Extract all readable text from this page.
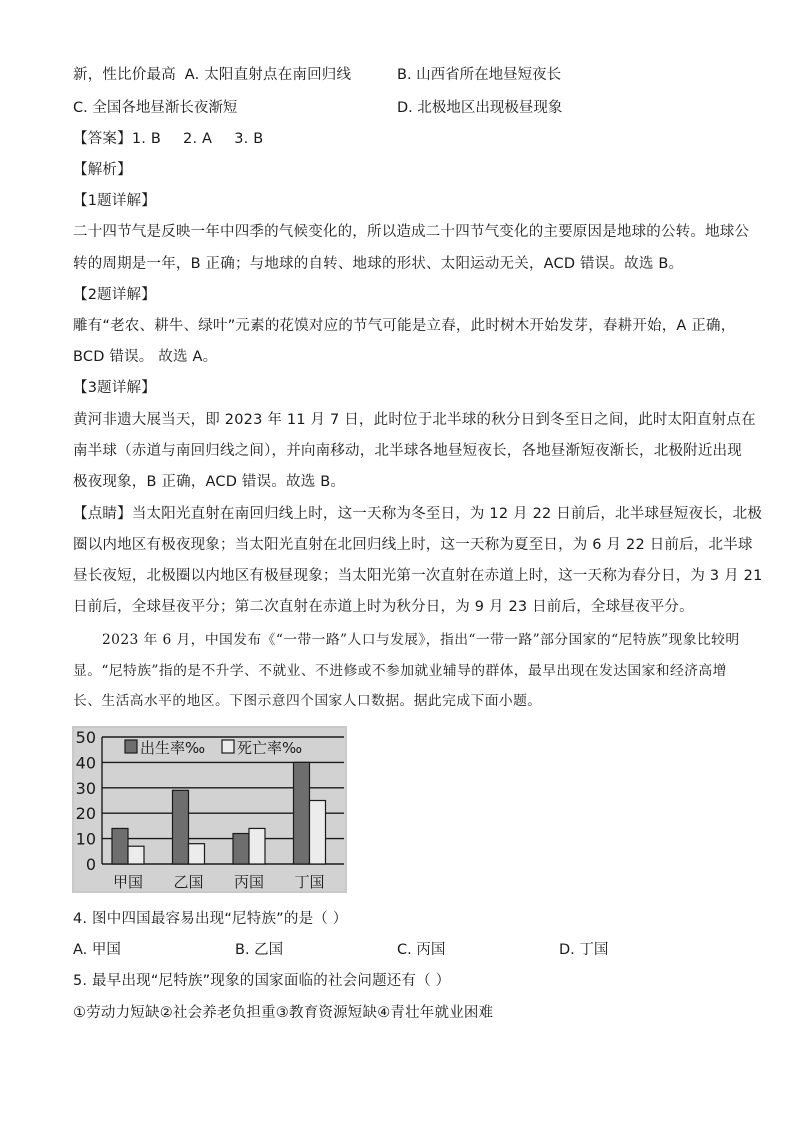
新，性比价最高 A. 太阳直射点在南回归线	B. 山西省所在地昼短夜长
C. 全国各地昼渐长夜渐短	D. 北极地区出现极昼现象
【答案】1. B 2. A 3. B
【解析】
【1题详解】
二十四节气是反映一年中四季的气候变化的，所以造成二十四节气变化的主要原因是地球的公转。地球公
转的周期是一年，B 正确；与地球的自转、地球的形状、太阳运动无关，ACD 错误。故选 B。
【2题详解】
雕有“老农、耕牛、绿叶”元素的花馍对应的节气可能是立春，此时树木开始发芽，春耕开始，A 正确，
BCD 错误。 故选 A。
【3题详解】
黄河非遗大展当天，即 2023 年 11 月 7 日，此时位于北半球的秋分日到冬至日之间，此时太阳直射点在
南半球（赤道与南回归线之间），并向南移动，北半球各地昼短夜长，各地昼渐短夜渐长，北极附近出现
极夜现象，B 正确，ACD 错误。故选 B。
【点睛】当太阳光直射在南回归线上时，这一天称为冬至日，为 12 月 22 日前后，北半球昼短夜长，北极
圈以内地区有极夜现象；当太阳光直射在北回归线上时，这一天称为夏至日，为 6 月 22 日前后，北半球
昼长夜短，北极圈以内地区有极昼现象；当太阳光第一次直射在赤道上时，这一天称为春分日，为 3 月 21
日前后，全球昼夜平分；第二次直射在赤道上时为秋分日，为 9 月 23 日前后，全球昼夜平分。
2023 年 6 月，中国发布《“一带一路”人口与发展》，指出“一带一路”部分国家的“尼特族”现象比较明
显。“尼特族”指的是不升学、不就业、不进修或不参加就业辅导的群体，最早出现在发达国家和经济高增
长、生活高水平的地区。下图示意四个国家人口数据。据此完成下面小题。
0
10
20
30
40
50
甲国 乙国 丙国 丁国
出生率‰ 死亡率‰
4. 图中四国最容易出现“尼特族”的是（ ）
A. 甲国	B. 乙国	C. 丙国	D. 丁国
5. 最早出现“尼特族”现象的国家面临的社会问题还有（ ）
①劳动力短缺②社会养老负担重③教育资源短缺④青壮年就业困难
